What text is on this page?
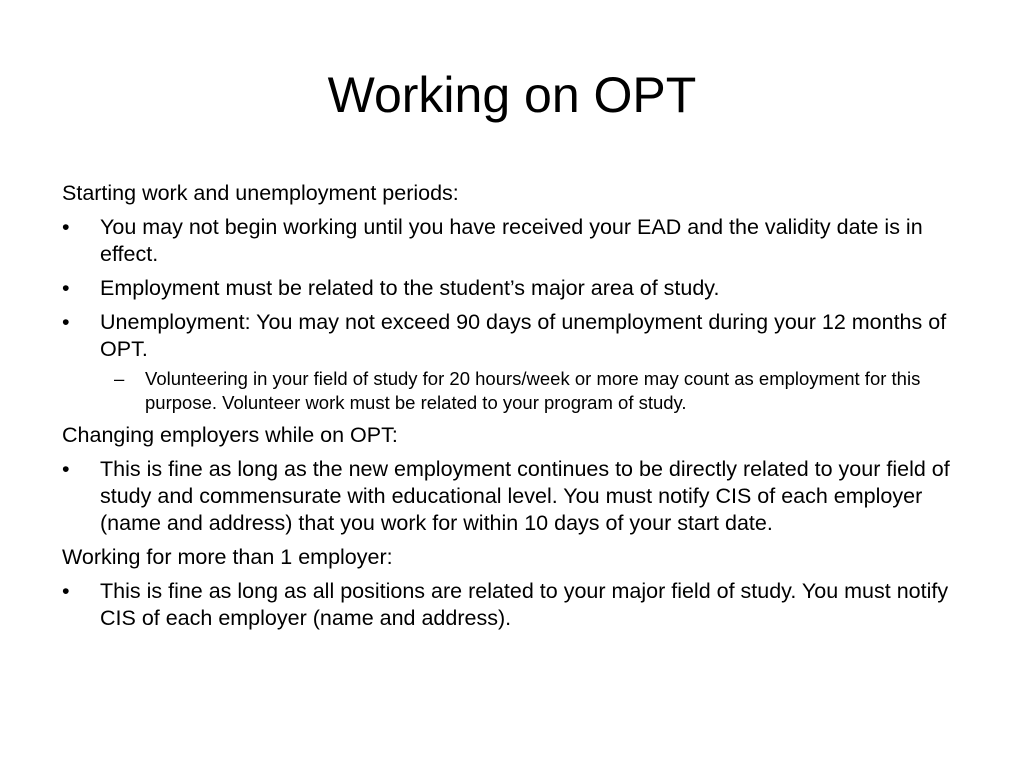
Working on OPT

Starting work and unemployment periods:

•	You may not begin working until you have received your EAD and the validity date is in effect.
•	Employment must be related to the student’s major area of study.
•	Unemployment: You may not exceed 90 days of unemployment during your 12 months of OPT.
– Volunteering in your field of study for 20 hours/week or more may count as employment for this purpose. Volunteer work must be related to your program of study.

Changing employers while on OPT:

•	This is fine as long as the new employment continues to be directly related to your field of study and commensurate with educational level. You must notify CIS of each employer (name and address) that you work for within 10 days of your start date.

Working for more than 1 employer:

•	This is fine as long as all positions are related to your major field of study. You must notify CIS of each employer (name and address).
